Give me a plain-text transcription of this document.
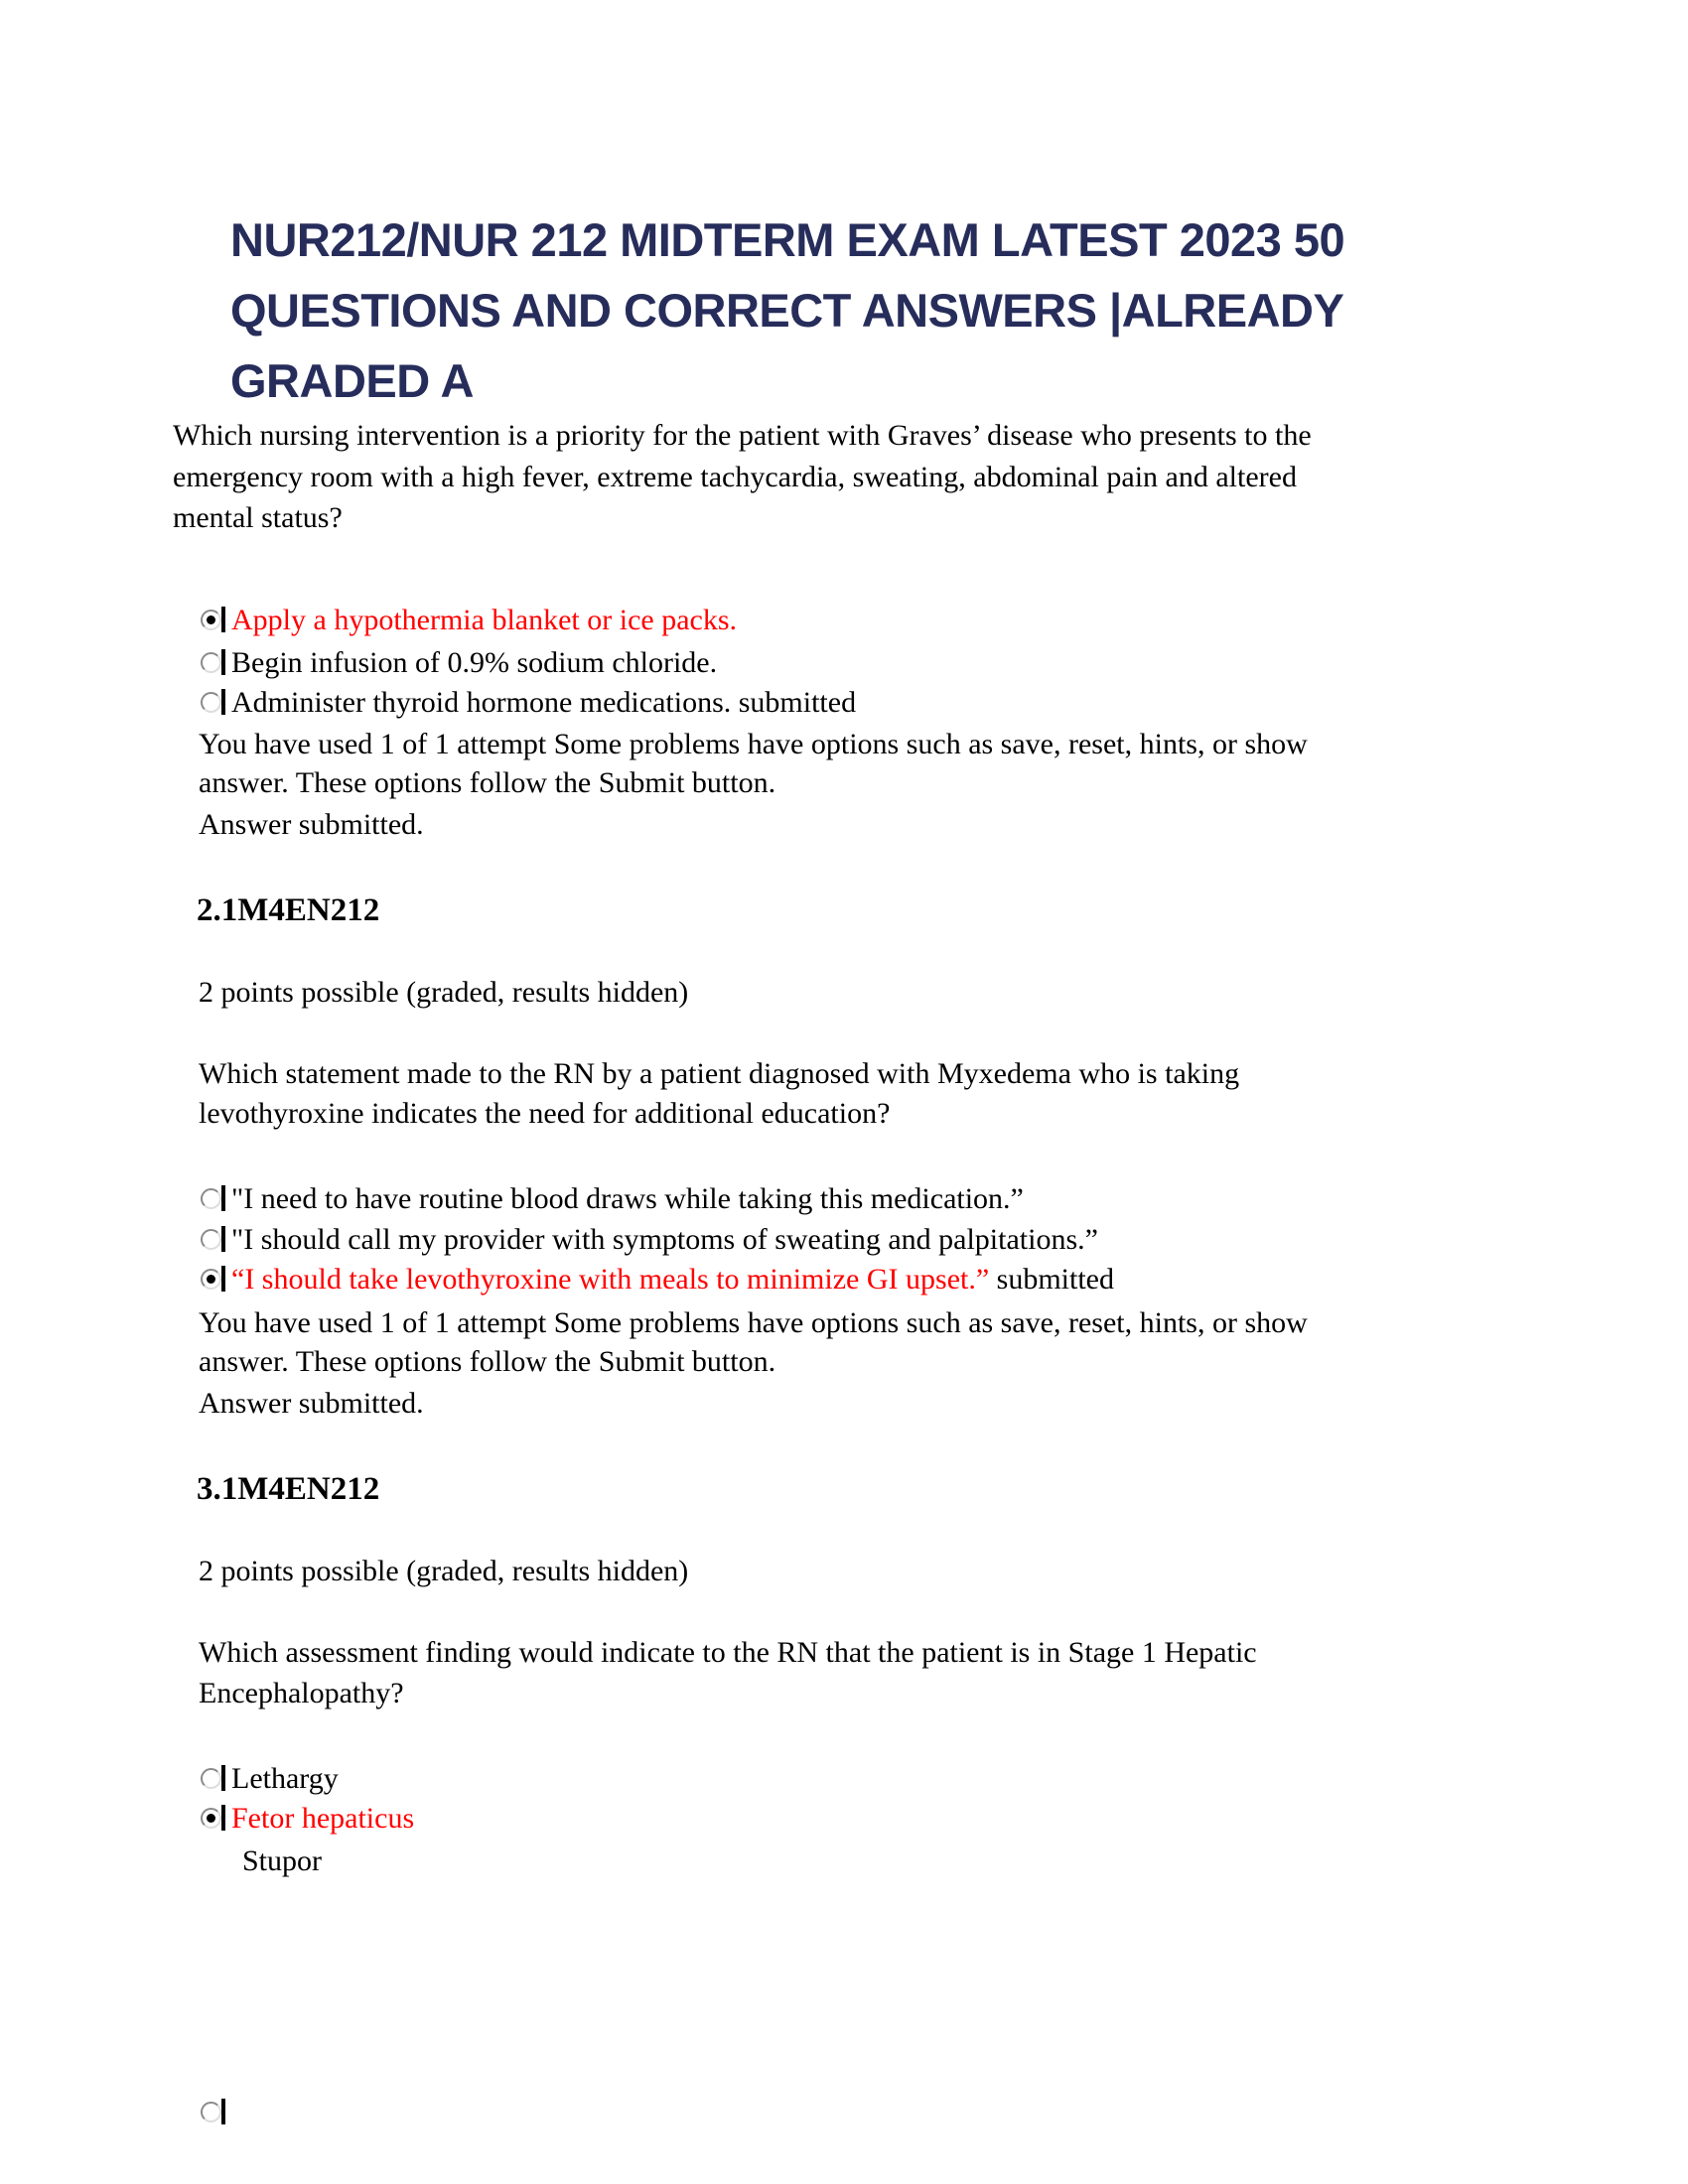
NUR212/NUR 212 MIDTERM EXAM LATEST 2023 50
QUESTIONS AND CORRECT ANSWERS |ALREADY
GRADED A
Which nursing intervention is a priority for the patient with Graves’ disease who presents to the
emergency room with a high fever, extreme tachycardia, sweating, abdominal pain and altered
mental status?
Apply a hypothermia blanket or ice packs.
Begin infusion of 0.9% sodium chloride.
Administer thyroid hormone medications. submitted
You have used 1 of 1 attempt Some problems have options such as save, reset, hints, or show
answer. These options follow the Submit button.
Answer submitted.
2.1M4EN212
2 points possible (graded, results hidden)
Which statement made to the RN by a patient diagnosed with Myxedema who is taking
levothyroxine indicates the need for additional education?
"I need to have routine blood draws while taking this medication.”
"I should call my provider with symptoms of sweating and palpitations.”
“I should take levothyroxine with meals to minimize GI upset.” submitted
You have used 1 of 1 attempt Some problems have options such as save, reset, hints, or show
answer. These options follow the Submit button.
Answer submitted.
3.1M4EN212
2 points possible (graded, results hidden)
Which assessment finding would indicate to the RN that the patient is in Stage 1 Hepatic
Encephalopathy?
Lethargy
Fetor hepaticus
Stupor
